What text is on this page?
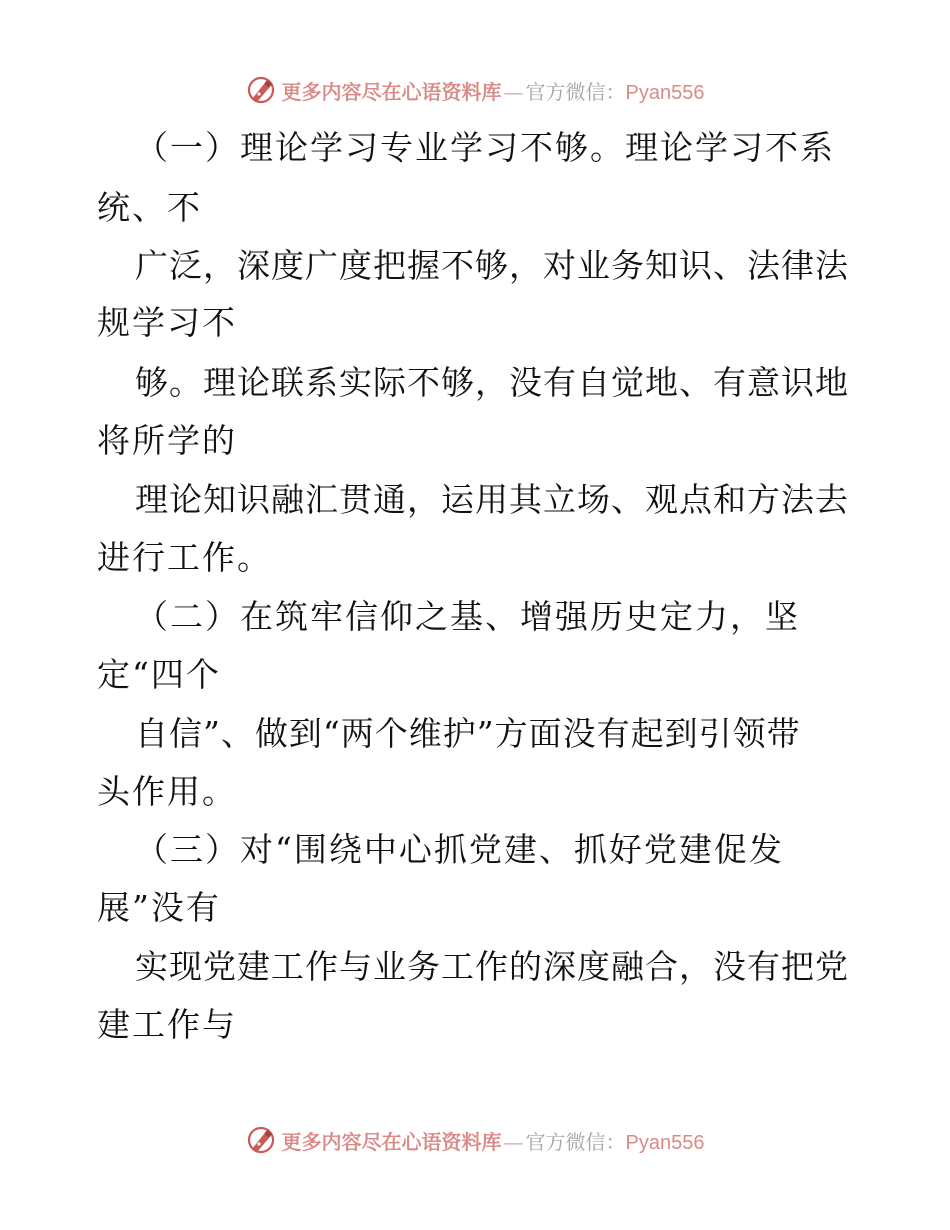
更多内容尽在心语资料库 — 官方微信：Pyan556
（一）理论学习专业学习不够。理论学习不系
统、不
广泛，深度广度把握不够，对业务知识、法律法
规学习不
够。理论联系实际不够，没有自觉地、有意识地
将所学的
理论知识融汇贯通，运用其立场、观点和方法去
进行工作。
（二）在筑牢信仰之基、增强历史定力，坚
定“四个
自信”、做到“两个维护”方面没有起到引领带
头作用。
（三）对“围绕中心抓党建、抓好党建促发
展”没有
实现党建工作与业务工作的深度融合，没有把党
建工作与
更多内容尽在心语资料库 — 官方微信：Pyan556
